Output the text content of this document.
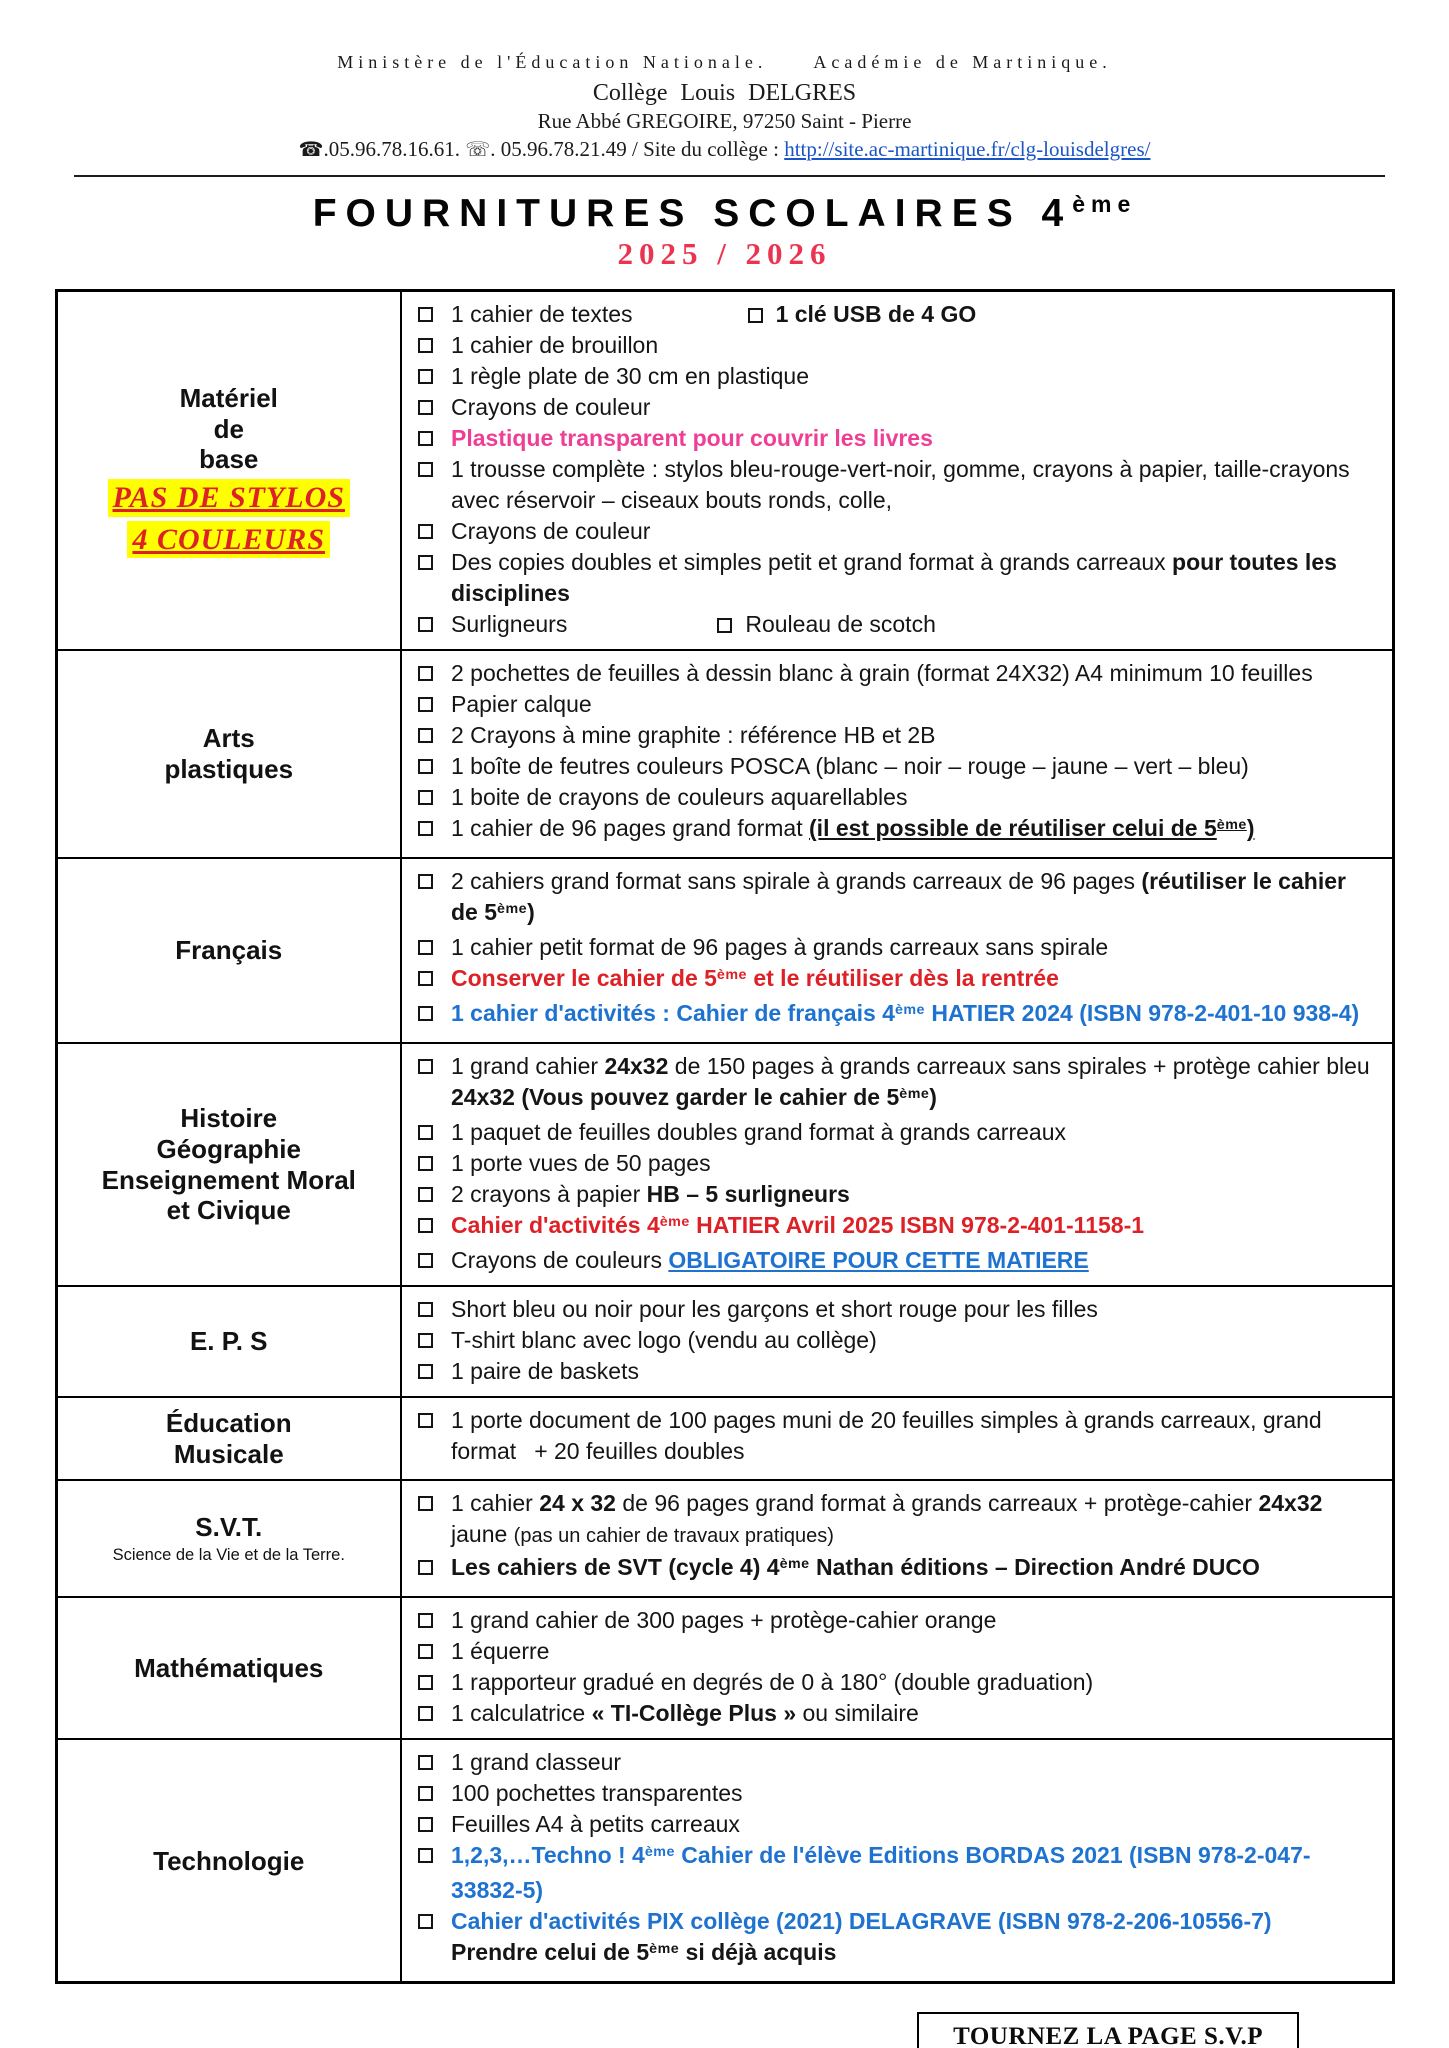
Ministère de l'Éducation Nationale.	Académie de Martinique.
Collège Louis DELGRES
Rue Abbé GREGOIRE, 97250 Saint - Pierre
☎.05.96.78.16.61. ☏. 05.96.78.21.49 / Site du collège : http://site.ac-martinique.fr/clg-louisdelgres/
FOURNITURES SCOLAIRES 4ème
2025 / 2026
Matériel
de
base
PAS DE STYLOS
4 COULEURS

1 cahier de textes	1 clé USB de 4 GO
1 cahier de brouillon
1 règle plate de 30 cm en plastique
Crayons de couleur
Plastique transparent pour couvrir les livres
1 trousse complète : stylos bleu-rouge-vert-noir, gomme, crayons à papier, taille-crayons avec réservoir – ciseaux bouts ronds, colle,
Crayons de couleur
Des copies doubles et simples petit et grand format à grands carreaux pour toutes les disciplines
Surligneurs	Rouleau de scotch

Arts
plastiques

2 pochettes de feuilles à dessin blanc à grain (format 24X32) A4 minimum 10 feuilles
Papier calque
2 Crayons à mine graphite : référence HB et 2B
1 boîte de feutres couleurs POSCA (blanc – noir – rouge – jaune – vert – bleu)
1 boite de crayons de couleurs aquarellables
1 cahier de 96 pages grand format (il est possible de réutiliser celui de 5ème)

Français	2 cahiers grand format sans spirale à grands carreaux de 96 pages (réutiliser le cahier de 5ème)
1 cahier petit format de 96 pages à grands carreaux sans spirale
Conserver le cahier de 5ème et le réutiliser dès la rentrée
1 cahier d'activités : Cahier de français 4ème HATIER 2024 (ISBN 978-2-401-10 938-4)

Histoire
Géographie
Enseignement Moral
et Civique

1 grand cahier 24x32 de 150 pages à grands carreaux sans spirales + protège cahier bleu 24x32 (Vous pouvez garder le cahier de 5ème)
1 paquet de feuilles doubles grand format à grands carreaux
1 porte vues de 50 pages
2 crayons à papier HB – 5 surligneurs
Cahier d'activités 4ème HATIER Avril 2025 ISBN 978-2-401-1158-1
Crayons de couleurs OBLIGATOIRE POUR CETTE MATIERE

E. P. S	Short bleu ou noir pour les garçons et short rouge pour les filles
T-shirt blanc avec logo (vendu au collège)
1 paire de baskets

Éducation
Musicale	1 porte document de 100 pages muni de 20 feuilles simples à grands carreaux, grand format + 20 feuilles doubles

S.V.T.
Science de la Vie et de la Terre.

1 cahier 24 x 32 de 96 pages grand format à grands carreaux + protège-cahier 24x32 jaune (pas un cahier de travaux pratiques)
Les cahiers de SVT (cycle 4) 4ème Nathan éditions – Direction André DUCO

Mathématiques	1 grand cahier de 300 pages + protège-cahier orange
1 équerre
1 rapporteur gradué en degrés de 0 à 180° (double graduation)
1 calculatrice « TI-Collège Plus » ou similaire

Technologie

1 grand classeur
100 pochettes transparentes
Feuilles A4 à petits carreaux
1,2,3,…Techno ! 4ème Cahier de l'élève Editions BORDAS 2021 (ISBN 978-2-047-33832-5)
Cahier d'activités PIX collège (2021) DELAGRAVE (ISBN 978-2-206-10556-7)
Prendre celui de 5ème si déjà acquis
TOURNEZ LA PAGE S.V.P
